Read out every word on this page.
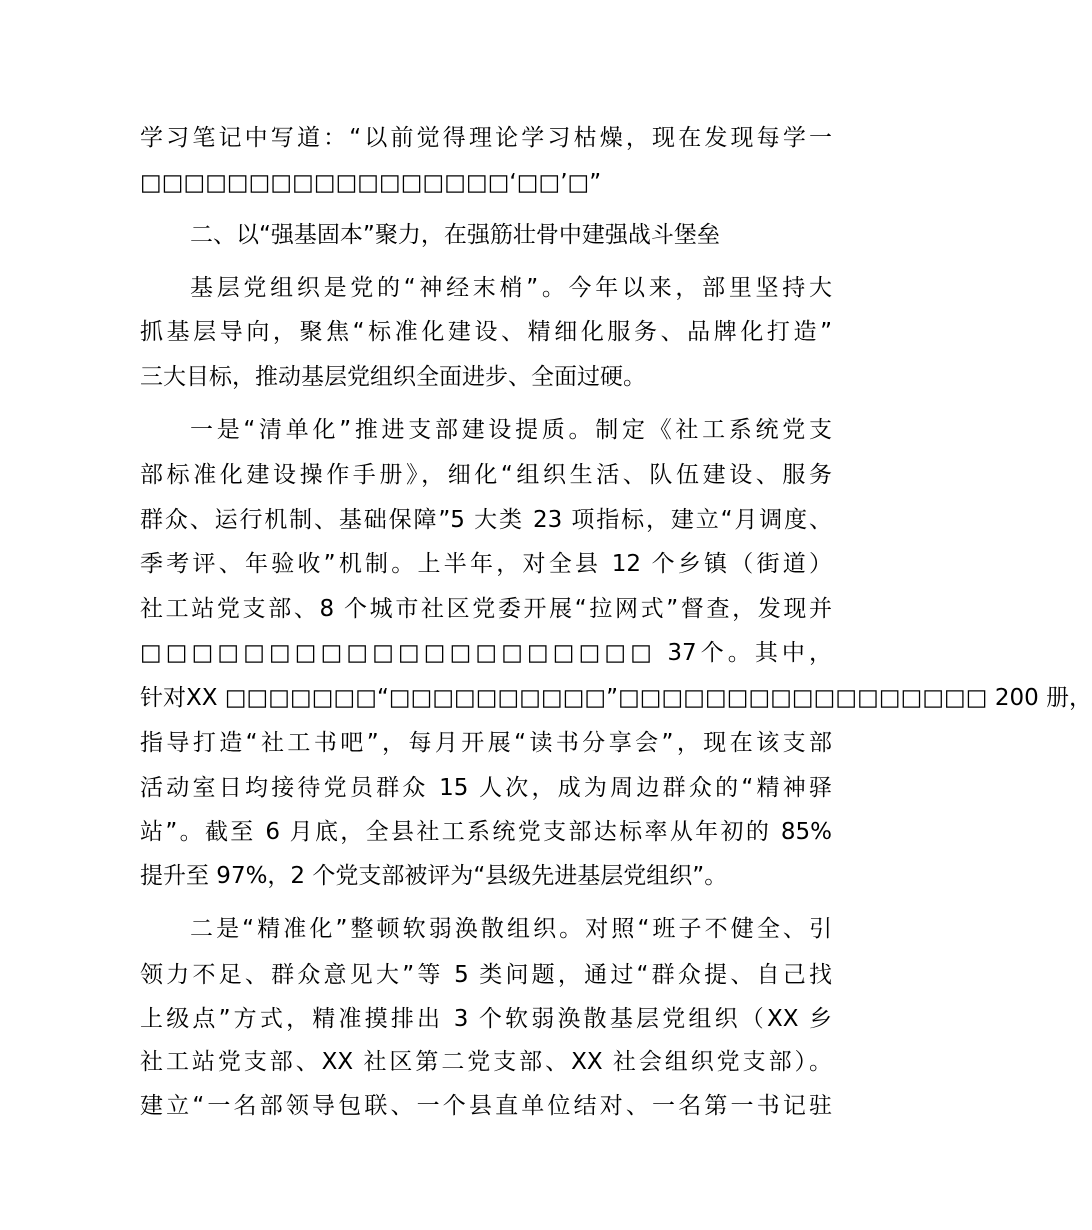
学习笔记中写道：“以前觉得理论学习枯燥，现在发现每学一
□□□□□□□□□□□□□□□□□‘□□’□”
二、以“强基固本”聚力，在强筋壮骨中建强战斗堡垒
基层党组织是党的“神经末梢”。今年以来，部里坚持大
抓基层导向，聚焦“标准化建设、精细化服务、品牌化打造”
三大目标，推动基层党组织全面进步、全面过硬。
一是“清单化”推进支部建设提质。制定《社工系统党支
部标准化建设操作手册》，细化“组织生活、队伍建设、服务
群众、运行机制、基础保障”5 大类 23 项指标，建立“月调度、
季考评、年验收”机制。上半年，对全县 12 个乡镇（街道）
社工站党支部、8 个城市社区党委开展“拉网式”督查，发现并
□□□□□□□□□□□□□□□□□□□□ 37个。其中，
针对XX □□□□□□□“□□□□□□□□□□”□□□□□□□□□□□□□□□□□ 200 册，
指导打造“社工书吧”，每月开展“读书分享会”，现在该支部
活动室日均接待党员群众 15 人次，成为周边群众的“精神驿
站”。截至 6 月底，全县社工系统党支部达标率从年初的 85%
提升至 97%，2 个党支部被评为“县级先进基层党组织”。
二是“精准化”整顿软弱涣散组织。对照“班子不健全、引
领力不足、群众意见大”等 5 类问题，通过“群众提、自己找
上级点”方式，精准摸排出 3 个软弱涣散基层党组织（XX 乡
社工站党支部、XX 社区第二党支部、XX 社会组织党支部）。
建立“一名部领导包联、一个县直单位结对、一名第一书记驻
